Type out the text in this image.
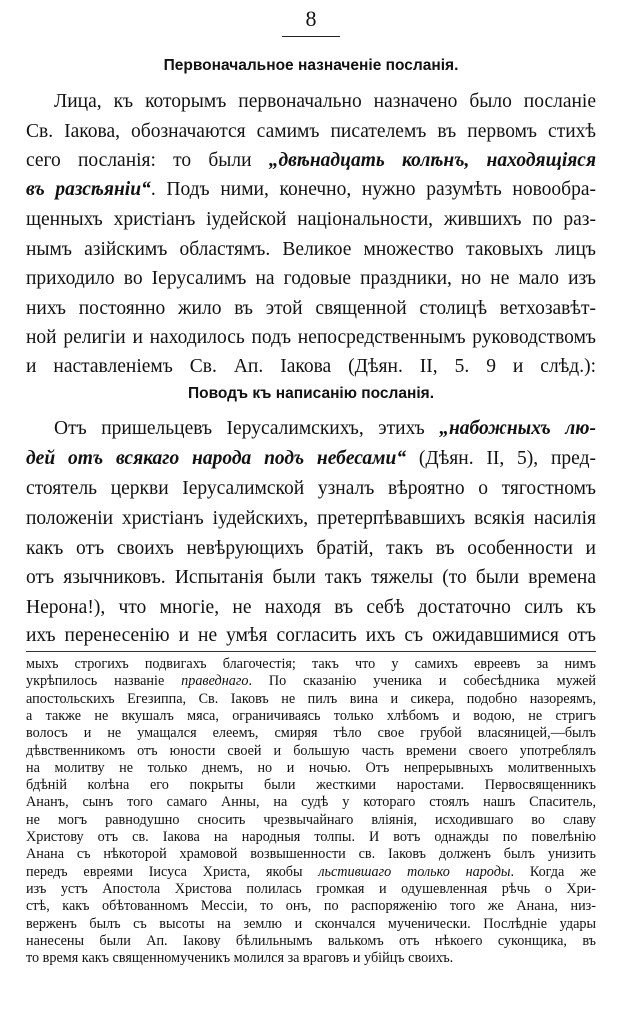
8
Первоначальное назначеніе посланія.
Лица, къ которымъ первоначально назначено было посланіе
Св. Іакова, обозначаются самимъ писателемъ въ первомъ стихѣ
сего посланія: то были „двѣнадцать колѣнъ, находящіяся
въ разсѣяніи“. Подъ ними, конечно, нужно разумѣть новообра-
щенныхъ христіанъ іудейской національности, жившихъ по раз-
нымъ азійскимъ областямъ. Великое множество таковыхъ лицъ
приходило во Іерусалимъ на годовые праздники, но не мало изъ
нихъ постоянно жило въ этой священной столицѣ ветхозавѣт-
ной религіи и находилось подъ непосредственнымъ руководствомъ
и наставленіемъ Св. Ап. Іакова (Дѣян. II, 5. 9 и слѣд.):
Поводъ къ написанію посланія.
Отъ пришельцевъ Іерусалимскихъ, этихъ „набожныхъ лю-
дей отъ всякаго народа подъ небесами“ (Дѣян. II, 5), пред-
стоятель церкви Іерусалимской узналъ вѣроятно о тягостномъ
положеніи христіанъ іудейскихъ, претерпѣвавшихъ всякія насилія
какъ отъ своихъ невѣрующихъ братій, такъ въ особенности и
отъ язычниковъ. Испытанія были такъ тяжелы (то были времена
Нерона!), что многіе, не находя въ себѣ достаточно силъ къ
ихъ перенесенію и не умѣя согласить ихъ съ ожидавшимися отъ
мыхъ строгихъ подвигахъ благочестія; такъ что у самихъ евреевъ за нимъ
укрѣпилось названіе праведнаго. По сказанію ученика и собесѣдника мужей
апостольскихъ Егезиппа, Св. Іаковъ не пилъ вина и сикера, подобно назореямъ,
а также не вкушалъ мяса, ограничиваясь только хлѣбомъ и водою, не стригъ
волосъ и не умащался елеемъ, смиряя тѣло свое грубой власяницей,—былъ
дѣвственникомъ отъ юности своей и большую часть времени своего употреблялъ
на молитву не только днемъ, но и ночью. Отъ непрерывныхъ молитвенныхъ
бдѣній колѣна его покрыты были жесткими наростами. Первосвященникъ
Ананъ, сынъ того самаго Анны, на судѣ у котораго стоялъ нашъ Спаситель,
не могъ равнодушно сносить чрезвычайнаго вліянія, исходившаго во славу
Христову отъ св. Іакова на народныя толпы. И вотъ однажды по повелѣнію
Анана съ нѣкоторой храмовой возвышенности св. Іаковъ долженъ былъ унизить
передъ евреями Іисуса Христа, якобы льстившаго только народы. Когда же
изъ устъ Апостола Христова полилась громкая и одушевленная рѣчь о Хри-
стѣ, какъ обѣтованномъ Мессіи, то онъ, по распоряженію того же Анана, низ-
верженъ былъ съ высоты на землю и скончался мученически. Послѣдніе удары
нанесены были Ап. Іакову бѣлильнымъ валькомъ отъ нѣкоего суконщика, въ
то время какъ священномученикъ молился за враговъ и убійцъ своихъ.
